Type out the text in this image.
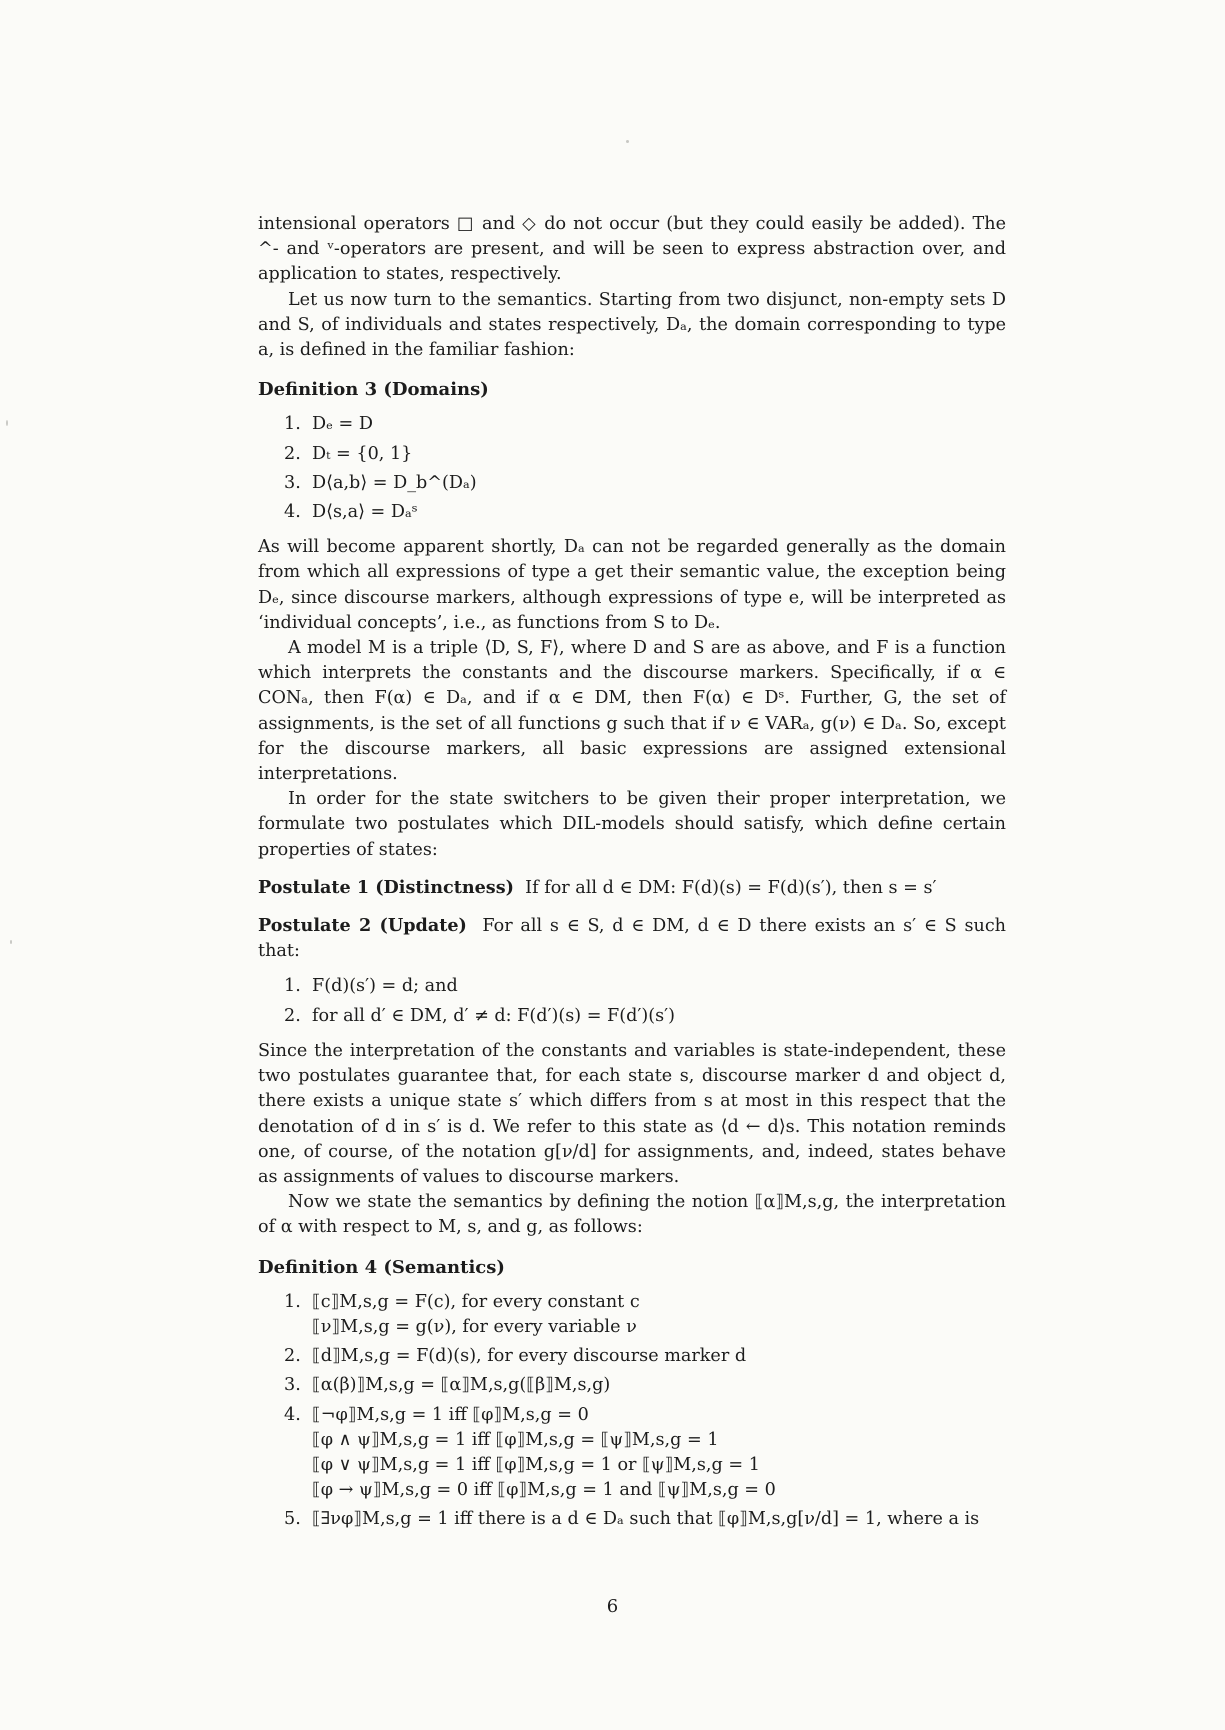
intensional operators □ and ◇ do not occur (but they could easily be added). The ^- and ᵛ-operators are present, and will be seen to express abstraction over, and application to states, respectively.

Let us now turn to the semantics. Starting from two disjunct, non-empty sets D and S, of individuals and states respectively, Dₐ, the domain corresponding to type a, is defined in the familiar fashion:

Definition 3 (Domains)
1. Dₑ = D
2. Dₜ = {0, 1}
3. D⟨a,b⟩ = D_b^(Dₐ)
4. D⟨s,a⟩ = Dₐˢ

As will become apparent shortly, Dₐ can not be regarded generally as the domain from which all expressions of type a get their semantic value, the exception being Dₑ, since discourse markers, although expressions of type e, will be interpreted as ‘individual concepts’, i.e., as functions from S to Dₑ.

A model M is a triple ⟨D, S, F⟩, where D and S are as above, and F is a function which interprets the constants and the discourse markers. Specifically, if α ∈ CONₐ, then F(α) ∈ Dₐ, and if α ∈ DM, then F(α) ∈ Dˢ. Further, G, the set of assignments, is the set of all functions g such that if ν ∈ VARₐ, g(ν) ∈ Dₐ. So, except for the discourse markers, all basic expressions are assigned extensional interpretations.

In order for the state switchers to be given their proper interpretation, we formulate two postulates which DIL-models should satisfy, which define certain properties of states:

Postulate 1 (Distinctness) If for all d ∈ DM: F(d)(s) = F(d)(s′), then s = s′

Postulate 2 (Update) For all s ∈ S, d ∈ DM, d ∈ D there exists an s′ ∈ S such that:

1. F(d)(s′) = d; and
2. for all d′ ∈ DM, d′ ≠ d: F(d′)(s) = F(d′)(s′)

Since the interpretation of the constants and variables is state-independent, these two postulates guarantee that, for each state s, discourse marker d and object d, there exists a unique state s′ which differs from s at most in this respect that the denotation of d in s′ is d. We refer to this state as ⟨d ← d⟩s. This notation reminds one, of course, of the notation g[ν/d] for assignments, and, indeed, states behave as assignments of values to discourse markers.

Now we state the semantics by defining the notion ⟦α⟧M,s,g, the interpretation of α with respect to M, s, and g, as follows:

Definition 4 (Semantics)
1. ⟦c⟧M,s,g = F(c), for every constant c
⟦ν⟧M,s,g = g(ν), for every variable ν
2. ⟦d⟧M,s,g = F(d)(s), for every discourse marker d
3. ⟦α(β)⟧M,s,g = ⟦α⟧M,s,g(⟦β⟧M,s,g)
4. ⟦¬φ⟧M,s,g = 1 iff ⟦φ⟧M,s,g = 0
⟦φ ∧ ψ⟧M,s,g = 1 iff ⟦φ⟧M,s,g = ⟦ψ⟧M,s,g = 1
⟦φ ∨ ψ⟧M,s,g = 1 iff ⟦φ⟧M,s,g = 1 or ⟦ψ⟧M,s,g = 1
⟦φ → ψ⟧M,s,g = 0 iff ⟦φ⟧M,s,g = 1 and ⟦ψ⟧M,s,g = 0
5. ⟦∃νφ⟧M,s,g = 1 iff there is a d ∈ Dₐ such that ⟦φ⟧M,s,g[ν/d] = 1, where a is
6
